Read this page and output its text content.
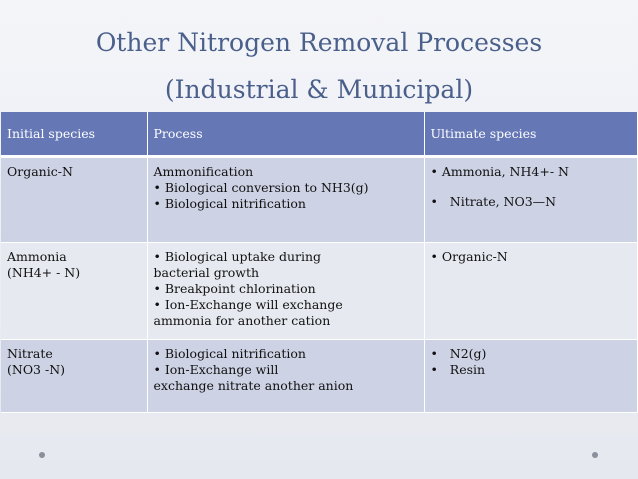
Other Nitrogen Removal Processes
(Industrial & Municipal)
Initial species	Process	Ultimate species

Organic-N	Ammonification
• Biological conversion to NH3(g)
• Biological nitrification	• Ammonia, NH4+- N
•   Nitrate, NO3—N

Ammonia
(NH4+ - N)	• Biological uptake during
bacterial growth
• Breakpoint chlorination
• Ion-Exchange will exchange
ammonia for another cation	• Organic-N

Nitrate
(NO3 -N)	• Biological nitrification
• Ion-Exchange will
exchange nitrate another anion	•   N2(g)
•   Resin
